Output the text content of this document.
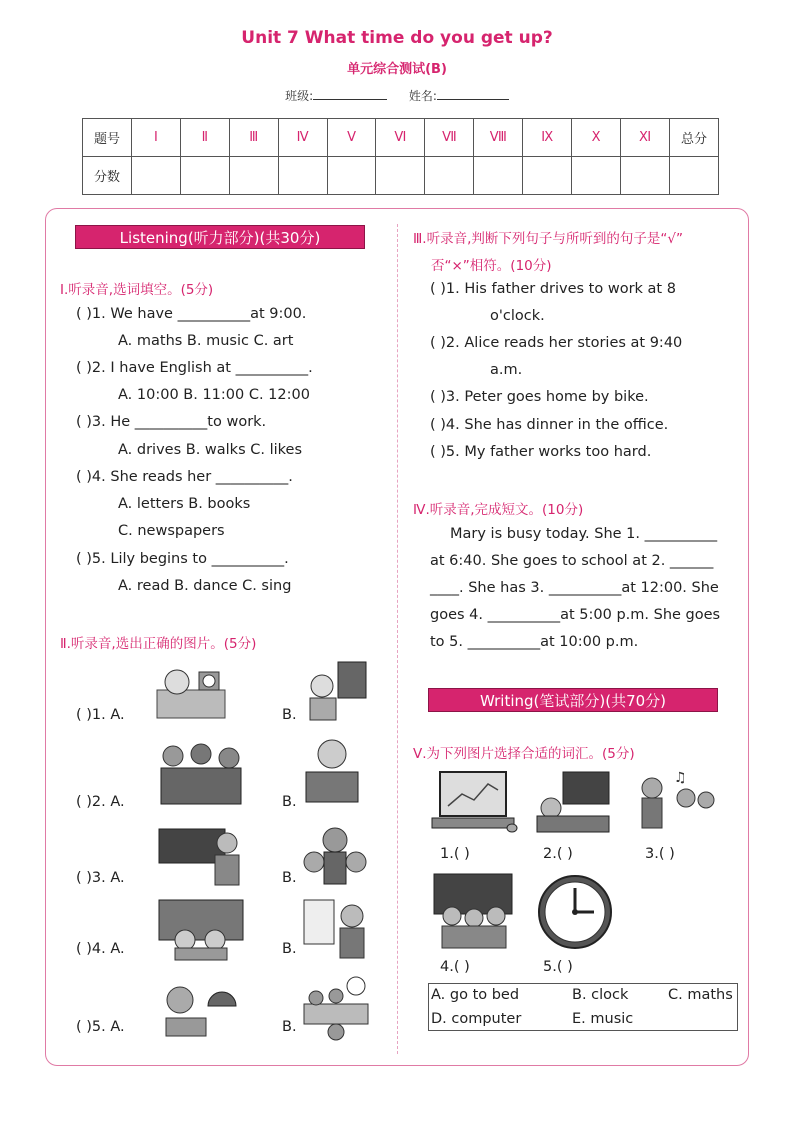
Unit 7 What time do you get up?
单元综合测试(B)
班级:	姓名:
题号	Ⅰ	Ⅱ	Ⅲ	Ⅳ	Ⅴ	Ⅵ	Ⅶ	Ⅷ	Ⅸ	Ⅹ	Ⅺ	总分
分数												
Listening(听力部分)(共30分)
Ⅰ.听录音,选词填空。(5分)
( )1. We have __________at 9:00.
A. maths B. music C. art
( )2. I have English at __________.
A. 10:00 B. 11:00 C. 12:00
( )3. He __________to work.
A. drives B. walks C. likes
( )4. She reads her __________.
A. letters B. books
C. newspapers
( )5. Lily begins to __________.
A. read B. dance C. sing
Ⅱ.听录音,选出正确的图片。(5分)
( )1. A.	B.
( )2. A.	B.
( )3. A.	B.
( )4. A.	B.
( )5. A.	B.
Ⅲ.听录音,判断下列句子与所听到的句子是“√”
否“×”相符。(10分)
( )1. His father drives to work at 8
o'clock.
( )2. Alice reads her stories at 9:40
a.m.
( )3. Peter goes home by bike.
( )4. She has dinner in the office.
( )5. My father works too hard.
Ⅳ.听录音,完成短文。(10分)
Mary is busy today. She 1. __________
at 6:40. She goes to school at 2. ______
____. She has 3. __________at 12:00. She
goes 4. __________at 5:00 p.m. She goes
to 5. __________at 10:00 p.m.
Writing(笔试部分)(共70分)
Ⅴ.为下列图片选择合适的词汇。(5分)
♫
1.( )	2.( )	3.( )
4.( )	5.( )
A. go to bed	B. clock	C. maths
D. computer	E. music
